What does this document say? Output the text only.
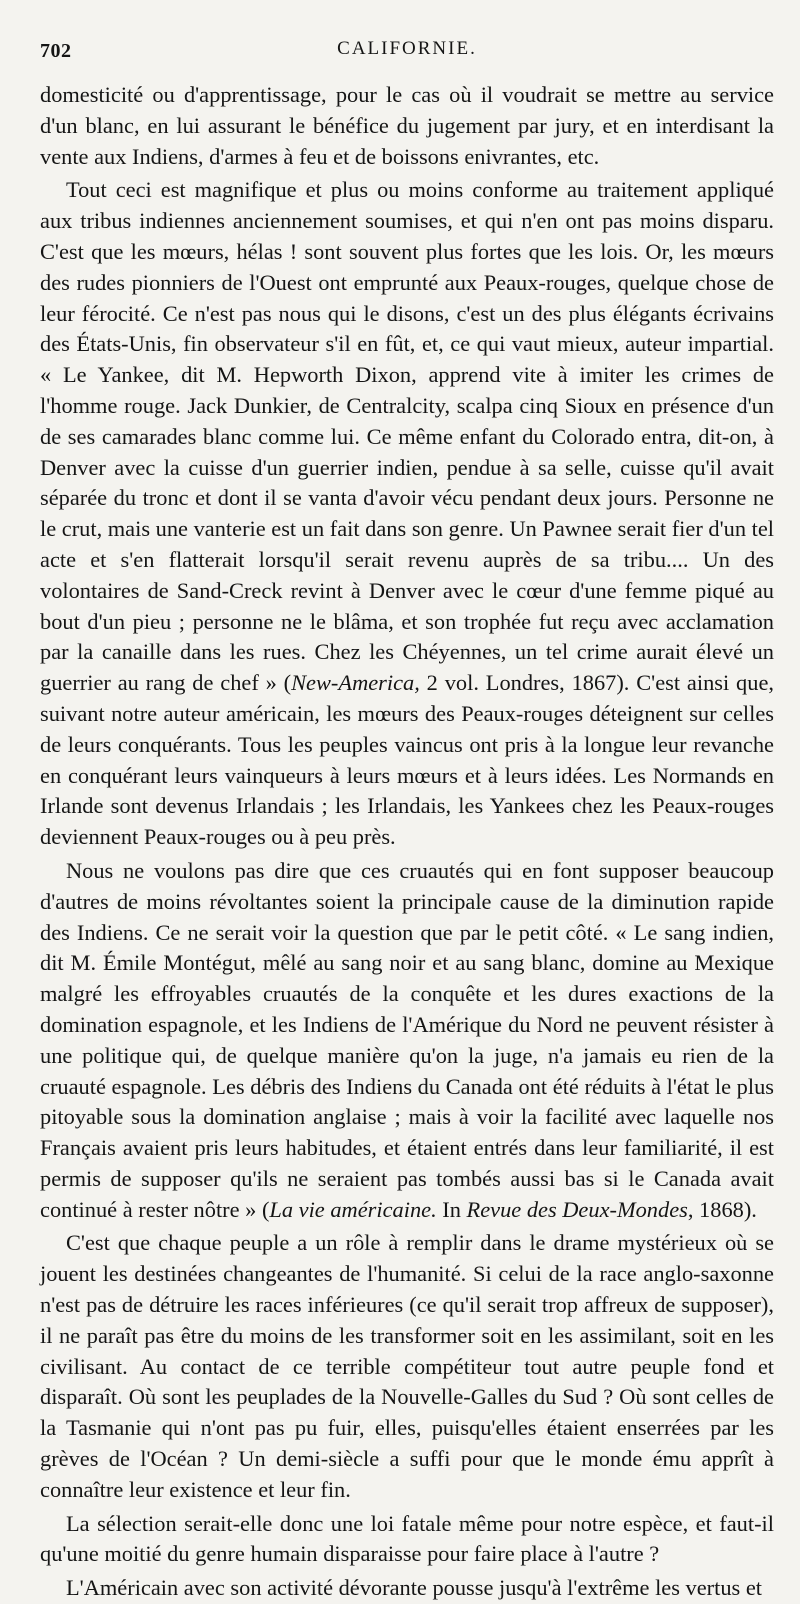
702	CALIFORNIE.

domesticité ou d'apprentissage, pour le cas où il voudrait se mettre au service d'un blanc, en lui assurant le bénéfice du jugement par jury, et en interdisant la vente aux Indiens, d'armes à feu et de boissons enivrantes, etc.

Tout ceci est magnifique et plus ou moins conforme au traitement appliqué aux tribus indiennes anciennement soumises, et qui n'en ont pas moins disparu. C'est que les mœurs, hélas ! sont souvent plus fortes que les lois. Or, les mœurs des rudes pionniers de l'Ouest ont emprunté aux Peaux-rouges, quelque chose de leur férocité. Ce n'est pas nous qui le disons, c'est un des plus élégants écrivains des États-Unis, fin observateur s'il en fût, et, ce qui vaut mieux, auteur impartial. « Le Yankee, dit M. Hepworth Dixon, apprend vite à imiter les crimes de l'homme rouge. Jack Dunkier, de Centralcity, scalpa cinq Sioux en présence d'un de ses camarades blanc comme lui. Ce même enfant du Colorado entra, dit-on, à Denver avec la cuisse d'un guerrier indien, pendue à sa selle, cuisse qu'il avait séparée du tronc et dont il se vanta d'avoir vécu pendant deux jours. Personne ne le crut, mais une vanterie est un fait dans son genre. Un Pawnee serait fier d'un tel acte et s'en flatterait lorsqu'il serait revenu auprès de sa tribu.... Un des volontaires de Sand-Creck revint à Denver avec le cœur d'une femme piqué au bout d'un pieu ; personne ne le blâma, et son trophée fut reçu avec acclamation par la canaille dans les rues. Chez les Chéyennes, un tel crime aurait élevé un guerrier au rang de chef » (New-America, 2 vol. Londres, 1867). C'est ainsi que, suivant notre auteur américain, les mœurs des Peaux-rouges déteignent sur celles de leurs conquérants. Tous les peuples vaincus ont pris à la longue leur revanche en conquérant leurs vainqueurs à leurs mœurs et à leurs idées. Les Normands en Irlande sont devenus Irlandais ; les Irlandais, les Yankees chez les Peaux-rouges deviennent Peaux-rouges ou à peu près.

Nous ne voulons pas dire que ces cruautés qui en font supposer beaucoup d'autres de moins révoltantes soient la principale cause de la diminution rapide des Indiens. Ce ne serait voir la question que par le petit côté. « Le sang indien, dit M. Émile Montégut, mêlé au sang noir et au sang blanc, domine au Mexique malgré les effroyables cruautés de la conquête et les dures exactions de la domination espagnole, et les Indiens de l'Amérique du Nord ne peuvent résister à une politique qui, de quelque manière qu'on la juge, n'a jamais eu rien de la cruauté espagnole. Les débris des Indiens du Canada ont été réduits à l'état le plus pitoyable sous la domination anglaise ; mais à voir la facilité avec laquelle nos Français avaient pris leurs habitudes, et étaient entrés dans leur familiarité, il est permis de supposer qu'ils ne seraient pas tombés aussi bas si le Canada avait continué à rester nôtre » (La vie américaine. In Revue des Deux-Mondes, 1868).

C'est que chaque peuple a un rôle à remplir dans le drame mystérieux où se jouent les destinées changeantes de l'humanité. Si celui de la race anglo-saxonne n'est pas de détruire les races inférieures (ce qu'il serait trop affreux de supposer), il ne paraît pas être du moins de les transformer soit en les assimilant, soit en les civilisant. Au contact de ce terrible compétiteur tout autre peuple fond et disparaît. Où sont les peuplades de la Nouvelle-Galles du Sud ? Où sont celles de la Tasmanie qui n'ont pas pu fuir, elles, puisqu'elles étaient enserrées par les grèves de l'Océan ? Un demi-siècle a suffi pour que le monde ému apprît à connaître leur existence et leur fin.

La sélection serait-elle donc une loi fatale même pour notre espèce, et faut-il qu'une moitié du genre humain disparaisse pour faire place à l'autre ?

L'Américain avec son activité dévorante pousse jusqu'à l'extrême les vertus et
